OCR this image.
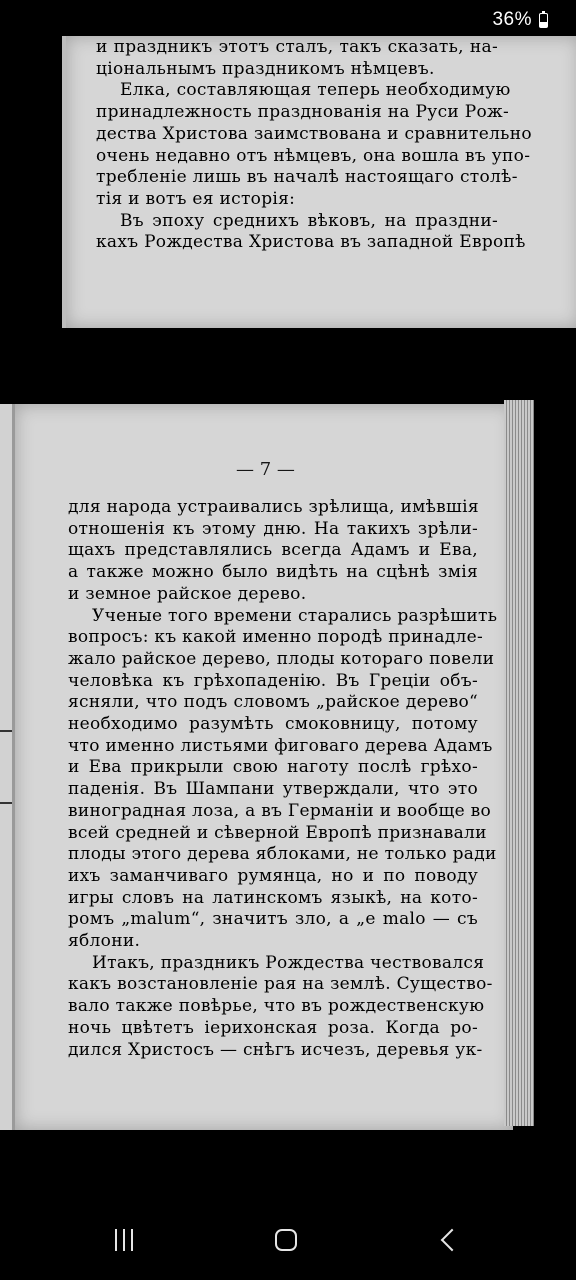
36%
и праздникъ этотъ сталъ, такъ сказать, на-
ціональнымъ праздникомъ нѣмцевъ.
Елка, составляющая теперь необходимую
принадлежность празднованія на Руси Рож-
дества Христова заимствована и сравнительно
очень недавно отъ нѣмцевъ, она вошла въ упо-
требленіе лишь въ началѣ настоящаго столѣ-
тія и вотъ ея исторія:
Въ эпоху среднихъ вѣковъ, на праздни-
кахъ Рождества Христова въ западной Европѣ
— 7 —
для народа устраивались зрѣлища, имѣвшія
отношенія къ этому дню. На такихъ зрѣли-
щахъ представлялись всегда Адамъ и Ева,
а также можно было видѣть на сцѣнѣ змія
и земное райское дерево.
Ученые того времени старались разрѣшить
вопросъ: къ какой именно породѣ принадле-
жало райское дерево, плоды котораго повели
человѣка къ грѣхопаденію. Въ Греціи объ-
ясняли, что подъ словомъ „райское дерево“
необходимо разумѣть смоковницу, потому
что именно листьями фиговаго дерева Адамъ
и Ева прикрыли свою наготу послѣ грѣхо-
паденія. Въ Шампани утверждали, что это
виноградная лоза, а въ Германіи и вообще во
всей средней и сѣверной Европѣ признавали
плоды этого дерева яблоками, не только ради
ихъ заманчиваго румянца, но и по поводу
игры словъ на латинскомъ языкѣ, на кото-
ромъ „malum“, значитъ зло, а „e malo — съ
яблони.
Итакъ, праздникъ Рождества чествовался
какъ возстановленіе рая на землѣ. Существо-
вало также повѣрье, что въ рождественскую
ночь цвѣтетъ іерихонская роза. Когда ро-
дился Христосъ — снѣгъ исчезъ, деревья ук-
